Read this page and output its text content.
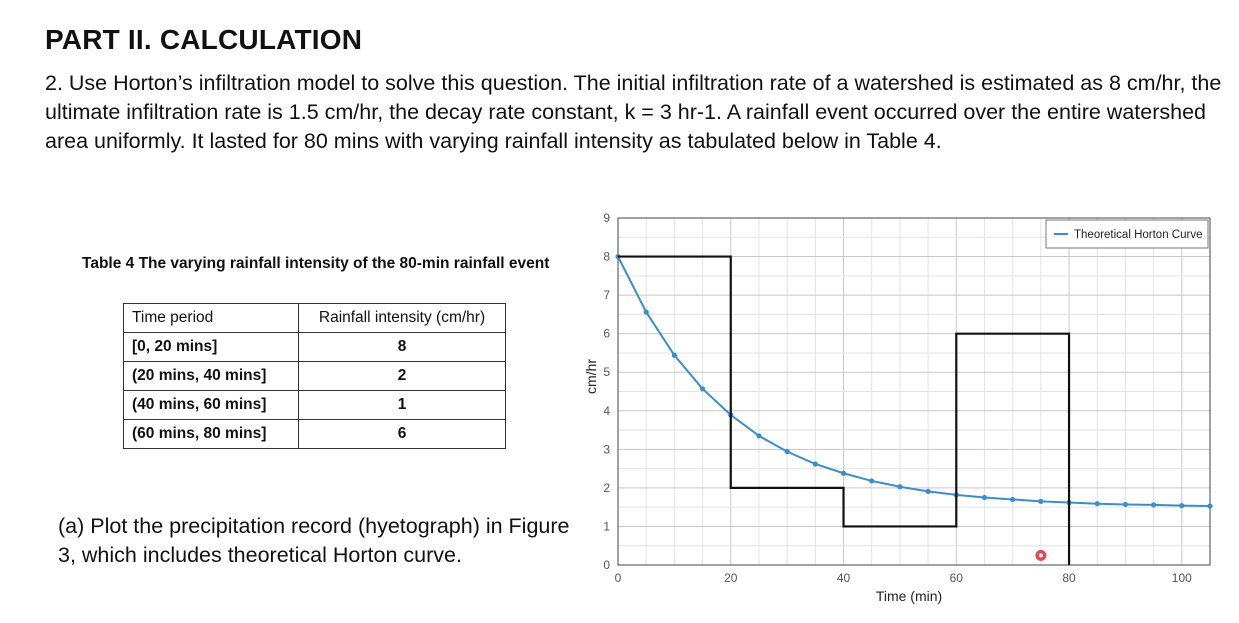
PART II. CALCULATION

2. Use Horton’s infiltration model to solve this question. The initial infiltration rate of a watershed is estimated as 8 cm/hr, the ultimate infiltration rate is 1.5 cm/hr, the decay rate constant, k = 3 hr-1. A rainfall event occurred over the entire watershed area uniformly. It lasted for 80 mins with varying rainfall intensity as tabulated below in Table 4.

Table 4 The varying rainfall intensity of the 80-min rainfall event

Time period	Rainfall intensity (cm/hr)
[0, 20 mins]	8
(20 mins, 40 mins]	2
(40 mins, 60 mins]	1
(60 mins, 80 mins]	6

(a) Plot the precipitation record (hyetograph) in Figure 3, which includes theoretical Horton curve.

0	20	40	60	80	100
0
1
2
3
4
5
6
7
8
9
Time (min)
cm/hr
Theoretical Horton Curve
